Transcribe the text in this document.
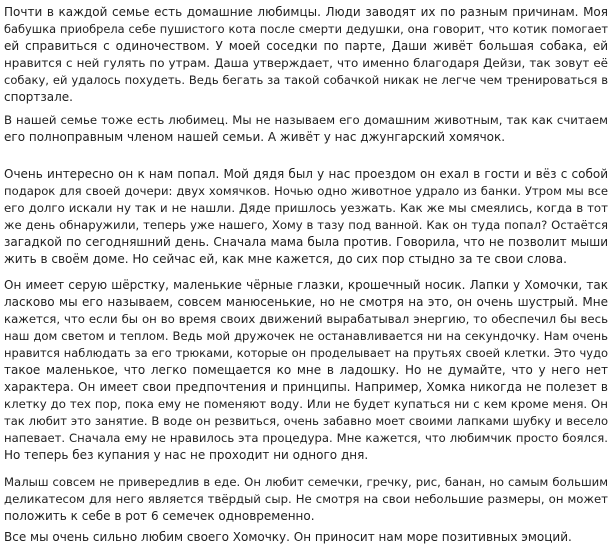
Почти в каждой семье есть домашние любимцы. Люди заводят их по разным причинам. Моя
бабушка приобрела себе пушистого кота после смерти дедушки, она говорит, что котик помогает
ей справиться с одиночеством. У моей соседки по парте, Даши живёт большая собака, ей
нравится с ней гулять по утрам. Даша утверждает, что именно благодаря Дейзи, так зовут её
собаку, ей удалось похудеть. Ведь бегать за такой собачкой никак не легче чем тренироваться в
спортзале.

В нашей семье тоже есть любимец. Мы не называем его домашним животным, так как считаем
его полноправным членом нашей семьи. А живёт у нас джунгарский хомячок.

Очень интересно он к нам попал. Мой дядя был у нас проездом он ехал в гости и вёз с собой
подарок для своей дочери: двух хомячков. Ночью одно животное удрало из банки. Утром мы все
его долго искали ну так и не нашли. Дяде пришлось уезжать. Как же мы смеялись, когда в тот
же день обнаружили, теперь уже нашего, Хому в тазу под ванной. Как он туда попал? Остаётся
загадкой по сегодняшний день. Сначала мама была против. Говорила, что не позволит мыши
жить в своём доме. Но сейчас ей, как мне кажется, до сих пор стыдно за те свои слова.

Он имеет серую шёрстку, маленькие чёрные глазки, крошечный носик. Лапки у Хомочки, так
ласково мы его называем, совсем манюсенькие, но не смотря на это, он очень шустрый. Мне
кажется, что если бы он во время своих движений вырабатывал энергию, то обеспечил бы весь
наш дом светом и теплом. Ведь мой дружочек не останавливается ни на секундочку. Нам очень
нравится наблюдать за его трюками, которые он проделывает на прутьях своей клетки. Это чудо
такое маленькое, что легко помещается ко мне в ладошку. Но не думайте, что у него нет
характера. Он имеет свои предпочтения и принципы. Например, Хомка никогда не полезет в
клетку до тех пор, пока ему не поменяют воду. Или не будет купаться ни с кем кроме меня. Он
так любит это занятие. В воде он резвиться, очень забавно моет своими лапками шубку и весело
напевает. Сначала ему не нравилось эта процедура. Мне кажется, что любимчик просто боялся.
Но теперь без купания у нас не проходит ни одного дня.

Малыш совсем не привередлив в еде. Он любит семечки, гречку, рис, банан, но самым большим
деликатесом для него является твёрдый сыр. Не смотря на свои небольшие размеры, он может
положить к себе в рот 6 семечек одновременно.

Все мы очень сильно любим своего Хомочку. Он приносит нам море позитивных эмоций.
